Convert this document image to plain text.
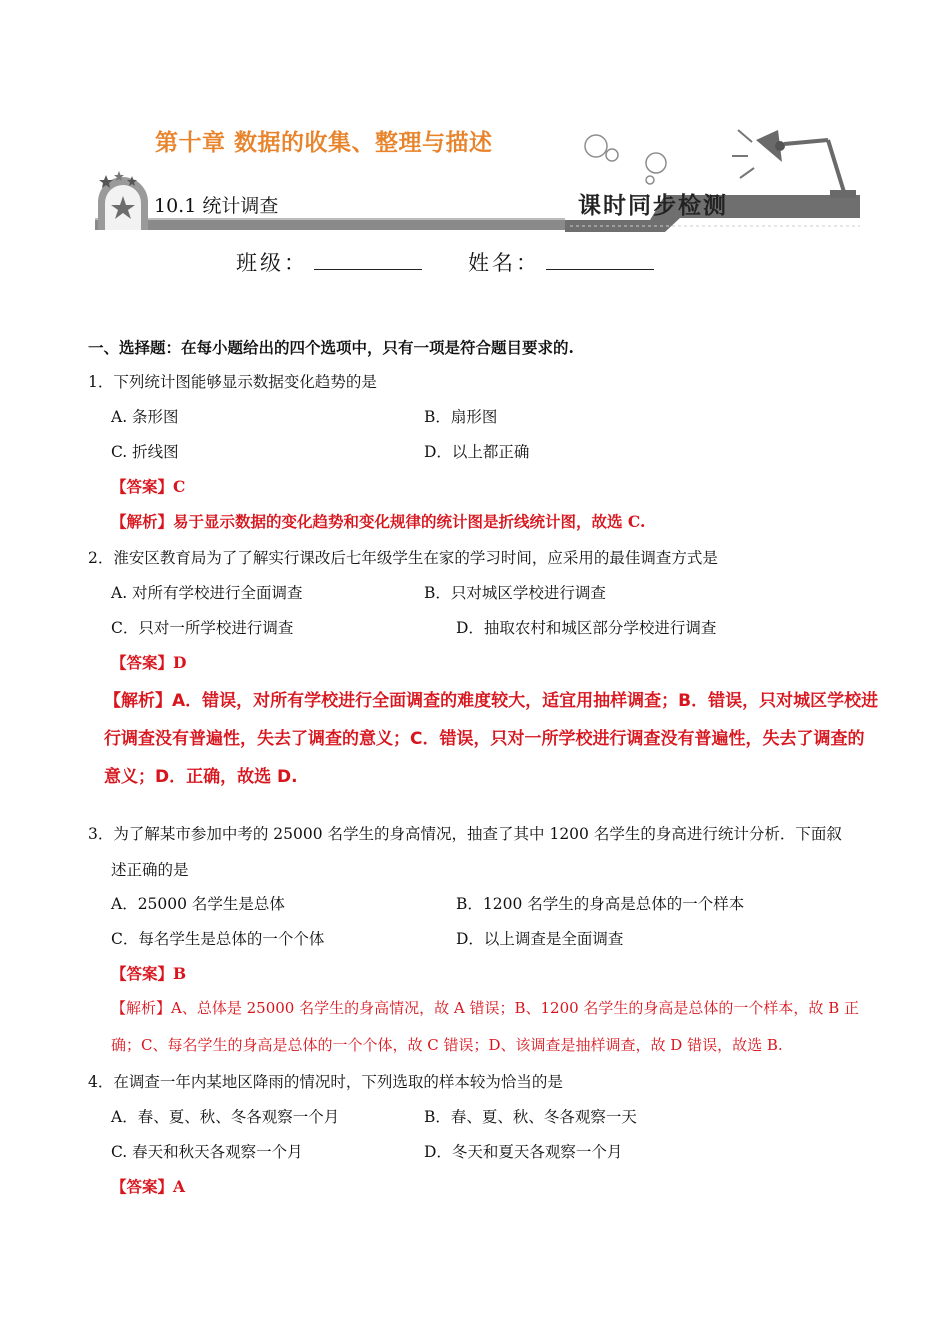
第十章 数据的收集、整理与描述
10.1 统计调查	课时同步检测
班级：	姓名：
一、选择题：在每小题给出的四个选项中，只有一项是符合题目要求的.
1．下列统计图能够显示数据变化趋势的是
A. 条形图	B．扇形图
C. 折线图	D．以上都正确
【答案】C
【解析】易于显示数据的变化趋势和变化规律的统计图是折线统计图，故选 C.
2．淮安区教育局为了了解实行课改后七年级学生在家的学习时间，应采用的最佳调查方式是
A. 对所有学校进行全面调查	B．只对城区学校进行调查
C．只对一所学校进行调查	D．抽取农村和城区部分学校进行调查
【答案】D
【解析】A．错误，对所有学校进行全面调查的难度较大，适宜用抽样调查；B．错误，只对城区学校进
行调查没有普遍性，失去了调查的意义；C．错误，只对一所学校进行调查没有普遍性，失去了调查的
意义；D．正确，故选 D.
3．为了解某市参加中考的 25000 名学生的身高情况，抽查了其中 1200 名学生的身高进行统计分析．下面叙
述正确的是
A．25000 名学生是总体	B．1200 名学生的身高是总体的一个样本
C．每名学生是总体的一个个体	D．以上调查是全面调查
【答案】B
【解析】A、总体是 25000 名学生的身高情况，故 A 错误；B、1200 名学生的身高是总体的一个样本，故 B 正
确；C、每名学生的身高是总体的一个个体，故 C 错误；D、该调查是抽样调查，故 D 错误，故选 B.
4．在调查一年内某地区降雨的情况时，下列选取的样本较为恰当的是
A．春、夏、秋、冬各观察一个月	B．春、夏、秋、冬各观察一天
C. 春天和秋天各观察一个月	D．冬天和夏天各观察一个月
【答案】A
